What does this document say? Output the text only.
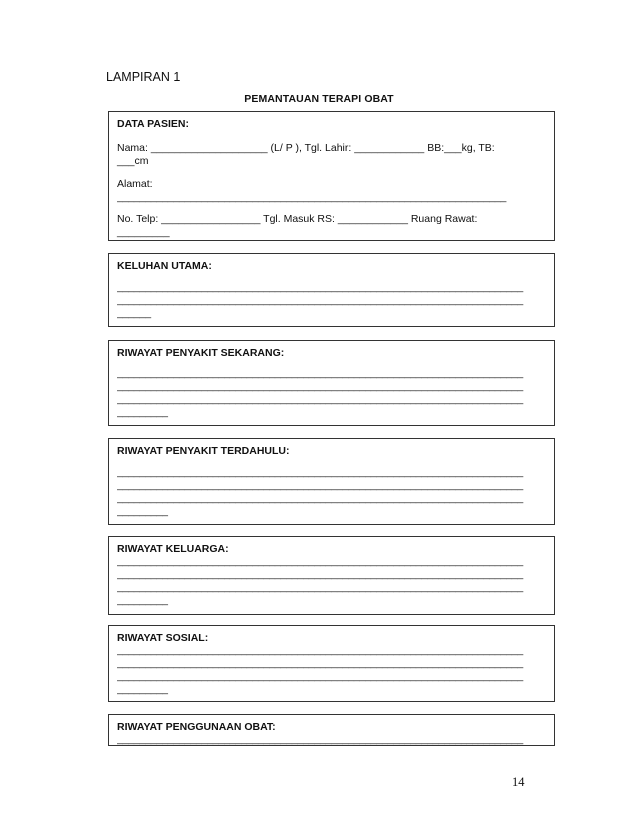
LAMPIRAN 1
PEMANTAUAN TERAPI OBAT
DATA PASIEN:
Nama: ____________________ (L/ P ), Tgl. Lahir: ____________ BB:___kg, TB:
___cm
Alamat:
_____________________________________________________________________
No. Telp: _________________ Tgl. Masuk RS: ____________ Ruang Rawat:
_________
KELUHAN UTAMA:
________________________________________________________________________
________________________________________________________________________
______
RIWAYAT PENYAKIT SEKARANG:
________________________________________________________________________
________________________________________________________________________
________________________________________________________________________
_________
RIWAYAT PENYAKIT TERDAHULU:
________________________________________________________________________
________________________________________________________________________
________________________________________________________________________
_________
RIWAYAT KELUARGA:
________________________________________________________________________
________________________________________________________________________
________________________________________________________________________
_________
RIWAYAT SOSIAL:
________________________________________________________________________
________________________________________________________________________
________________________________________________________________________
_________
RIWAYAT PENGGUNAAN OBAT:
________________________________________________________________________
14
